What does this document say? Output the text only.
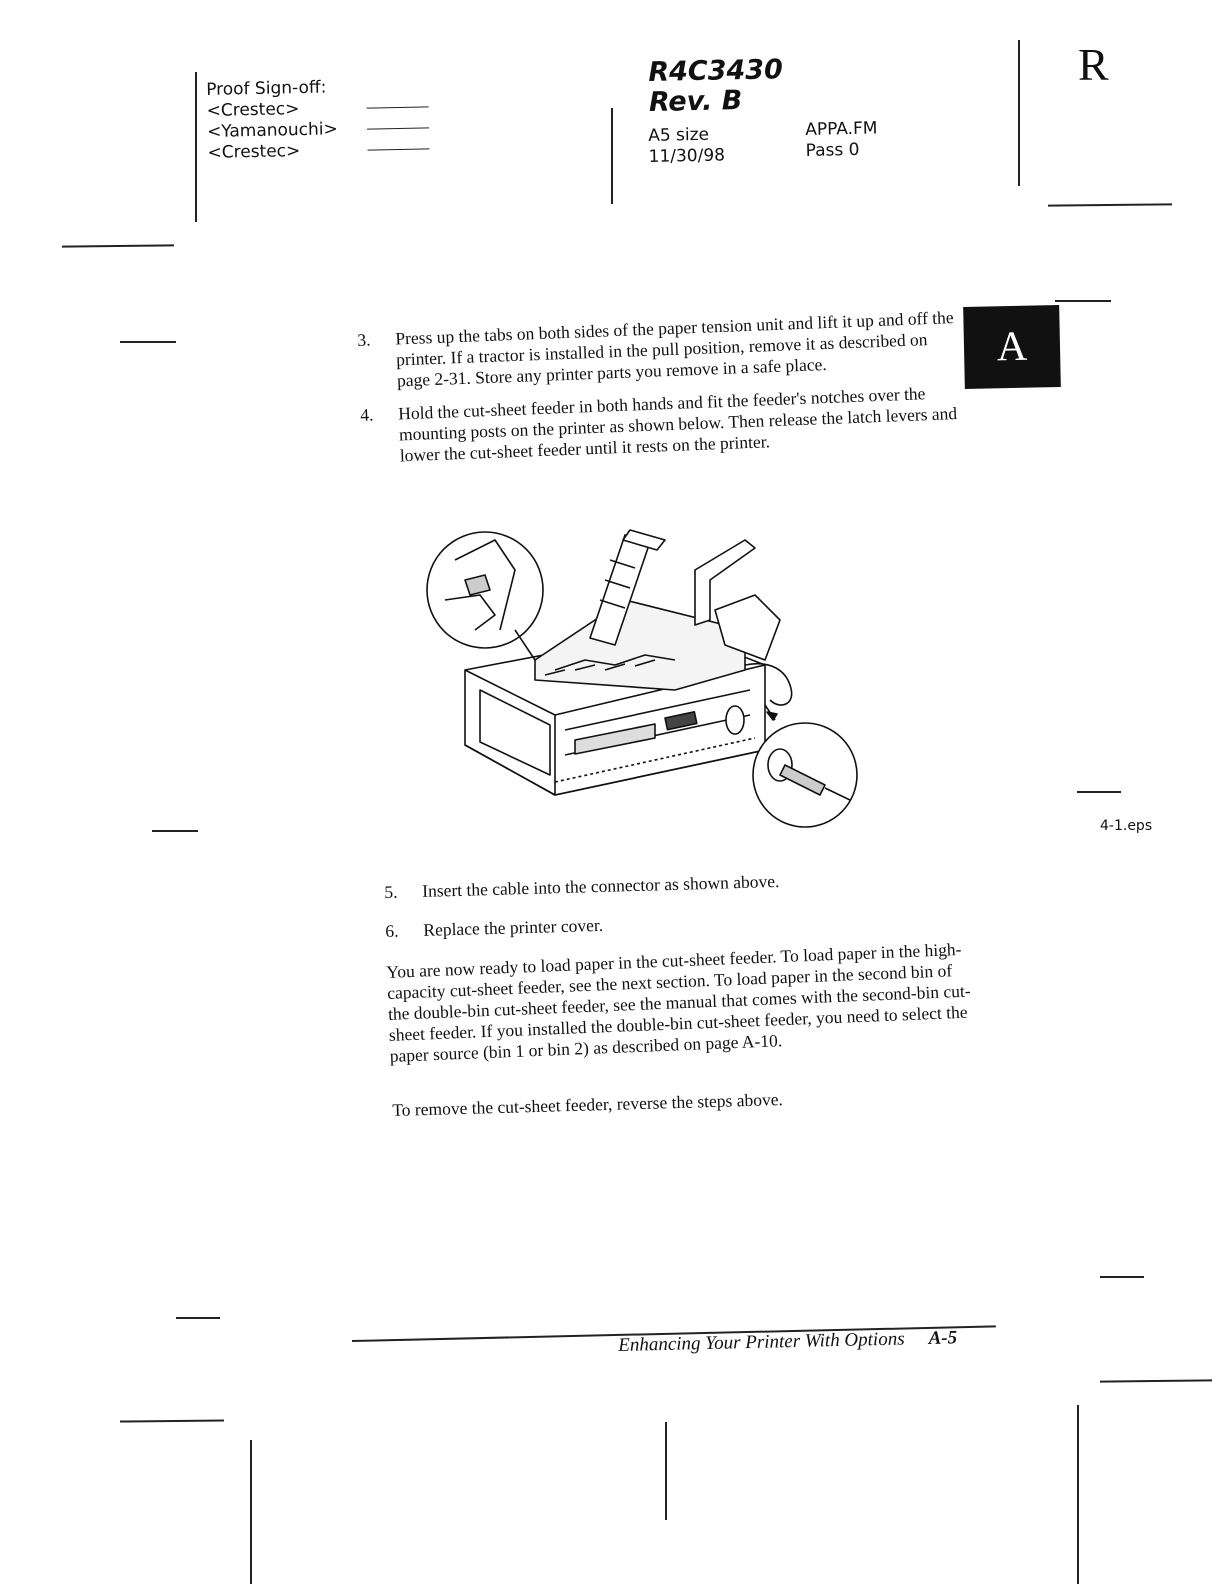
Proof Sign-off:
<Crestec>
<Yamanouchi>
<Crestec>
R4C3430
Rev. B
A5 size
11/30/98
APPA.FM
Pass 0
R
A
3.	Press up the tabs on both sides of the paper tension unit and lift it up and off the printer. If a tractor is installed in the pull position, remove it as described on page 2-31. Store any printer parts you remove in a safe place.
4.	Hold the cut-sheet feeder in both hands and fit the feeder's notches over the mounting posts on the printer as shown below. Then release the latch levers and lower the cut-sheet feeder until it rests on the printer.
4-1.eps
5.	Insert the cable into the connector as shown above.
6.	Replace the printer cover.
You are now ready to load paper in the cut-sheet feeder. To load paper in the high-capacity cut-sheet feeder, see the next section. To load paper in the second bin of the double-bin cut-sheet feeder, see the manual that comes with the second-bin cut-sheet feeder. If you installed the double-bin cut-sheet feeder, you need to select the paper source (bin 1 or bin 2) as described on page A-10.
To remove the cut-sheet feeder, reverse the steps above.
Enhancing Your Printer With Options A-5
